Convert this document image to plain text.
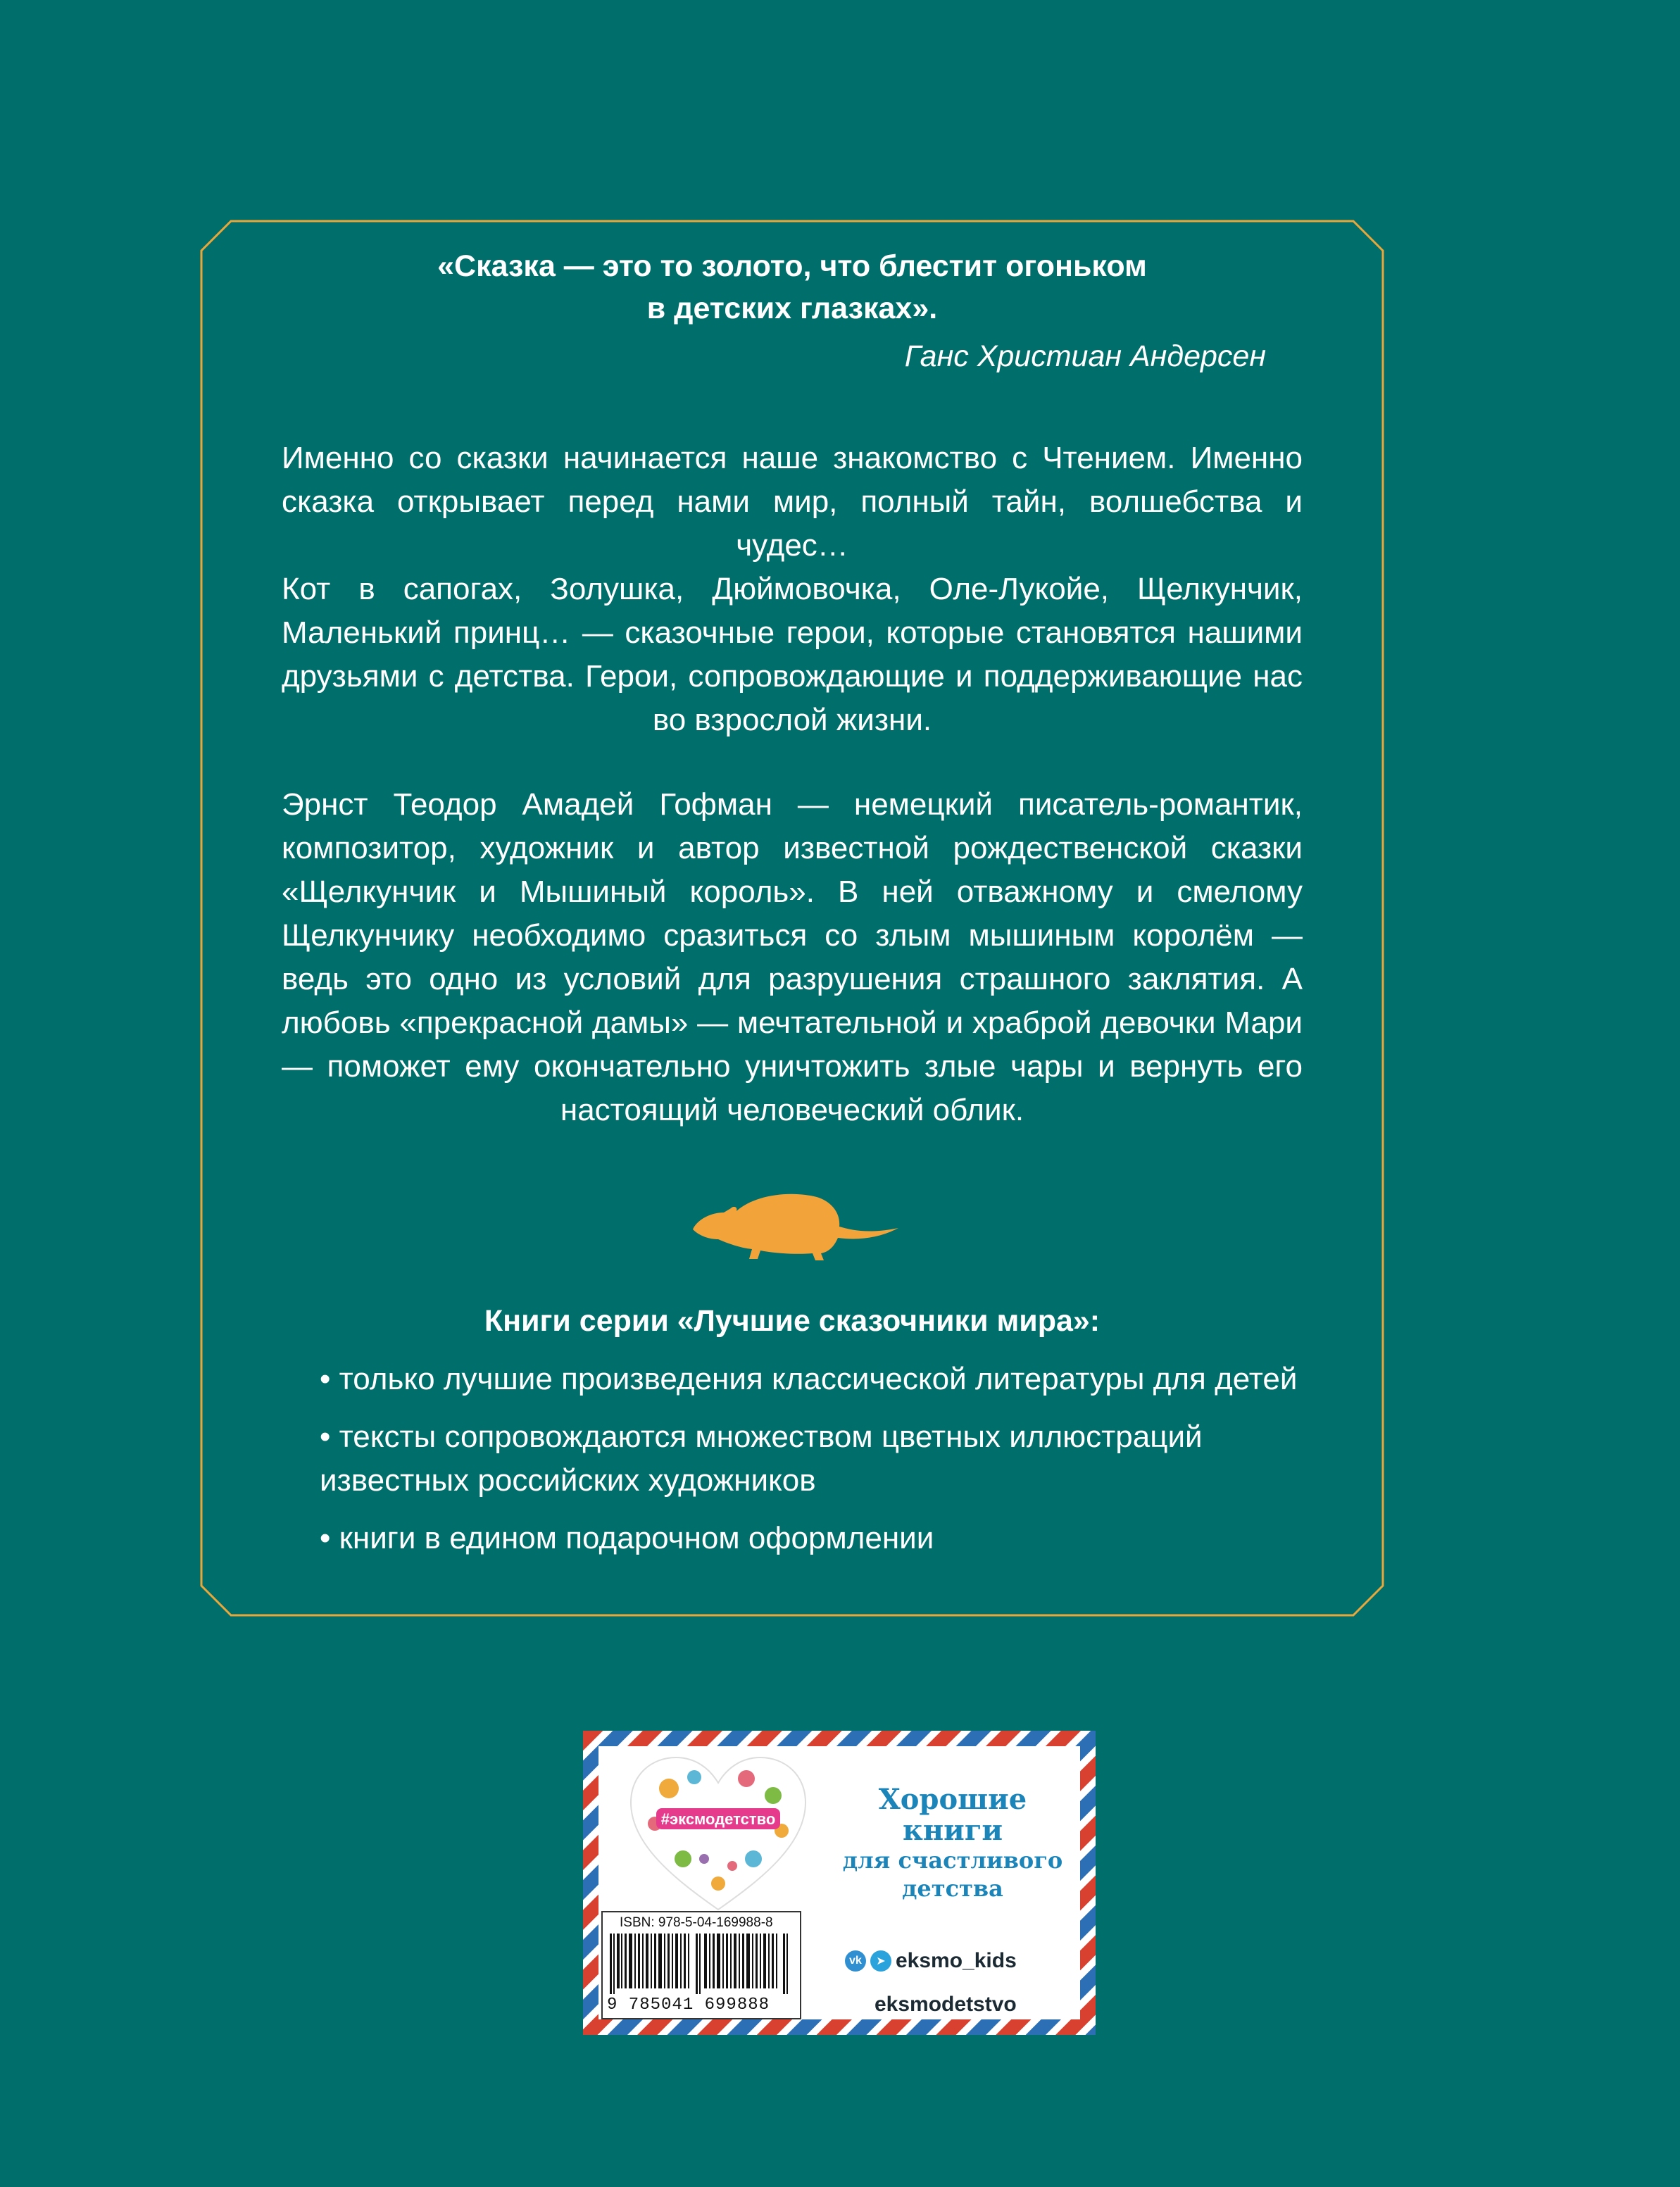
«Сказка — это то золото, что блестит огоньком
в детских глазках».
Ганс Христиан Андерсен

Именно со сказки начинается наше знакомство с Чтением. Именно сказка открывает перед нами мир, полный тайн, волшебства и чудес…

Кот в сапогах, Золушка, Дюймовочка, Оле-Лукойе, Щелкунчик, Маленький принц… — сказочные герои, которые становятся нашими друзьями с детства. Герои, сопровождающие и поддерживающие нас во взрослой жизни.

Эрнст Теодор Амадей Гофман — немецкий писатель-романтик, композитор, художник и автор известной рождественской сказки «Щелкунчик и Мышиный король». В ней отважному и смелому Щелкунчику необходимо сразиться со злым мышиным королём — ведь это одно из условий для разрушения страшного заклятия. А любовь «прекрасной дамы» — мечтательной и храброй девочки Мари — поможет ему окончательно уничтожить злые чары и вернуть его настоящий человеческий облик.

Книги серии «Лучшие сказочники мира»:
• только лучшие произведения классической литературы для детей
• тексты сопровождаются множеством цветных иллюстраций известных российских художников
• книги в едином подарочном оформлении
#эксмодетство
Хорошие
книги
для счастливого
детства
vk	➤ eksmo_kids
eksmodetstvo
ISBN: 978-5-04-169988-8
9 785041 699888
